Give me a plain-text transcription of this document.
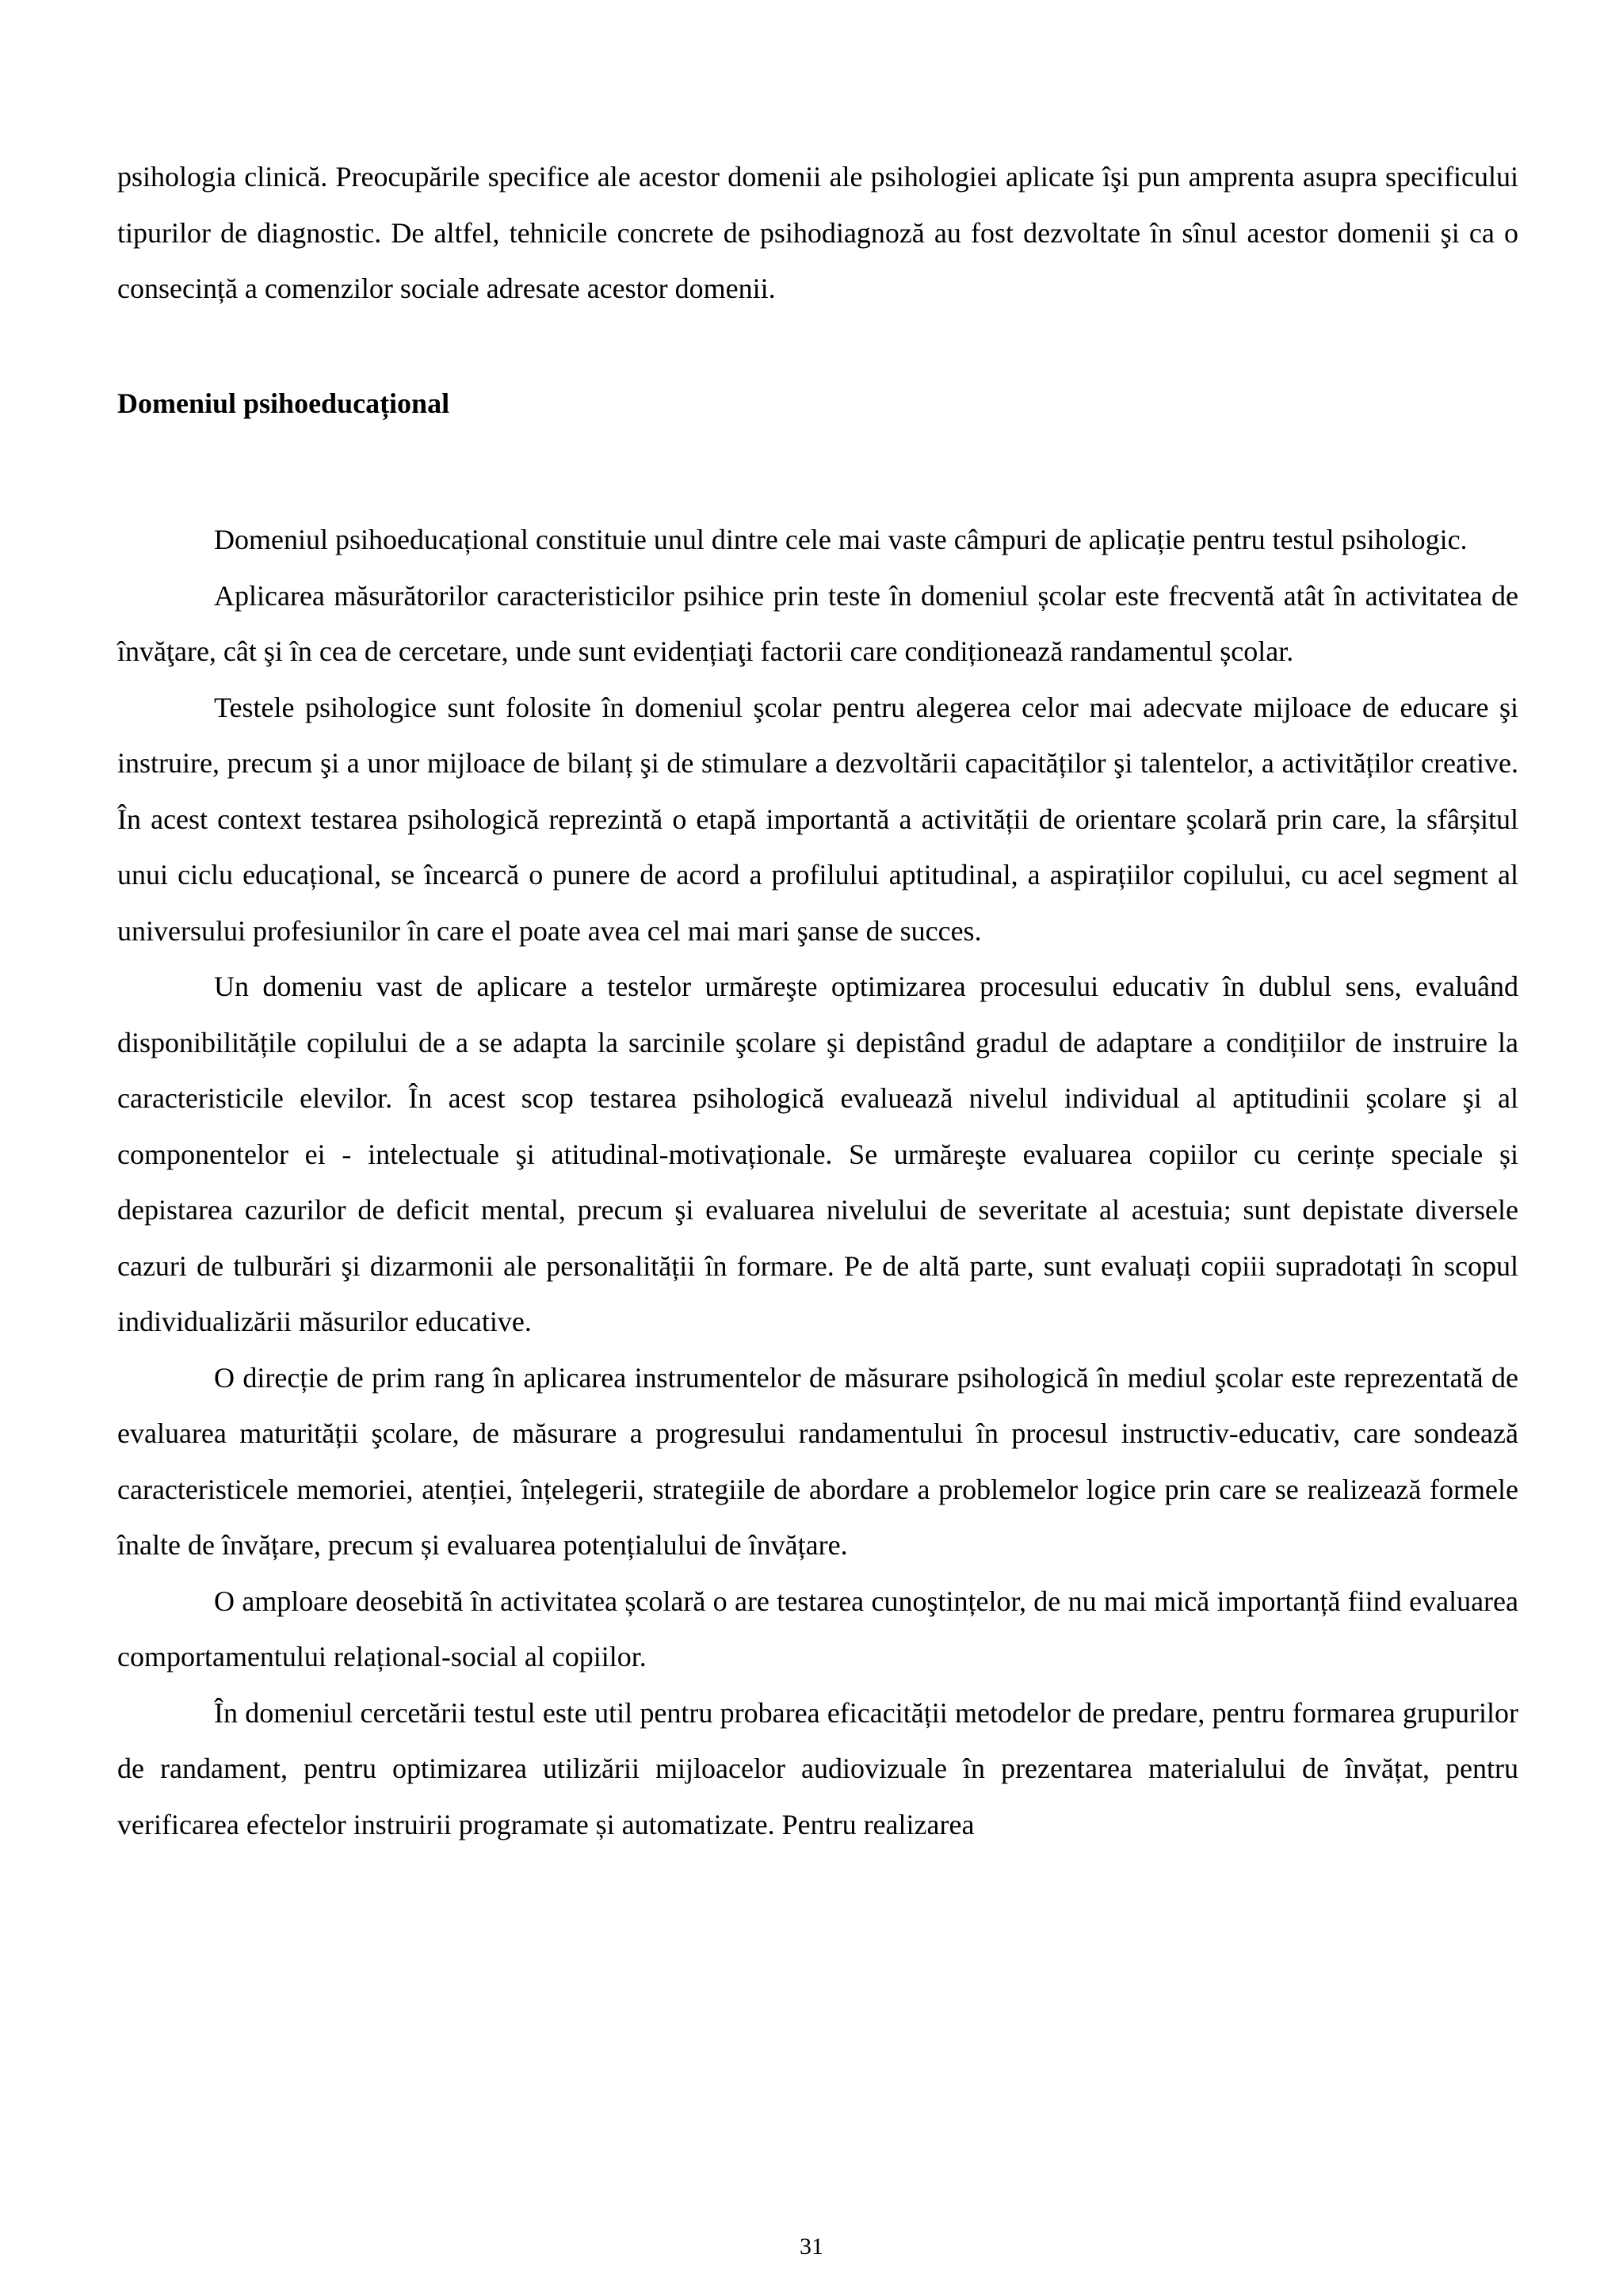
psihologia clinică. Preocupările specifice ale acestor domenii ale psihologiei aplicate îşi pun amprenta asupra specificului tipurilor de diagnostic. De altfel, tehnicile concrete de psihodiagnoză au fost dezvoltate în sînul acestor domenii şi ca o consecință a comenzilor sociale adresate acestor domenii.

Domeniul psihoeducațional

Domeniul psihoeducațional constituie unul dintre cele mai vaste câmpuri de aplicație pentru testul psihologic.

Aplicarea măsurătorilor caracteristicilor psihice prin teste în domeniul școlar este frecventă atât în activitatea de învăţare, cât şi în cea de cercetare, unde sunt evidențiaţi factorii care condiționează randamentul școlar.

Testele psihologice sunt folosite în domeniul şcolar pentru alegerea celor mai adecvate mijloace de educare şi instruire, precum şi a unor mijloace de bilanț şi de stimulare a dezvoltării capacităților şi talentelor, a activităților creative. În acest context testarea psihologică reprezintă o etapă importantă a activității de orientare şcolară prin care, la sfârșitul unui ciclu educațional, se încearcă o punere de acord a profilului aptitudinal, a aspirațiilor copilului, cu acel segment al universului profesiunilor în care el poate avea cel mai mari şanse de succes.

Un domeniu vast de aplicare a testelor urmăreşte optimizarea procesului educativ în dublul sens, evaluând disponibilitățile copilului de a se adapta la sarcinile şcolare şi depistând gradul de adaptare a condițiilor de instruire la caracteristicile elevilor. În acest scop testarea psihologică evaluează nivelul individual al aptitudinii şcolare şi al componentelor ei - intelectuale şi atitudinal-motivaționale. Se urmăreşte evaluarea copiilor cu cerințe speciale și depistarea cazurilor de deficit mental, precum şi evaluarea nivelului de severitate al acestuia; sunt depistate diversele cazuri de tulburări şi dizarmonii ale personalității în formare. Pe de altă parte, sunt evaluați copiii supradotați în scopul individualizării măsurilor educative.

O direcție de prim rang în aplicarea instrumentelor de măsurare psihologică în mediul şcolar este reprezentată de evaluarea maturității şcolare, de măsurare a progresului randamentului în procesul instructiv-educativ, care sondează caracteristicele memoriei, atenției, înțelegerii, strategiile de abordare a problemelor logice prin care se realizează formele înalte de învățare, precum și evaluarea potențialului de învățare.

O amploare deosebită în activitatea școlară o are testarea cunoştințelor, de nu mai mică importanță fiind evaluarea comportamentului relațional-social al copiilor.

În domeniul cercetării testul este util pentru probarea eficacității metodelor de predare, pentru formarea grupurilor de randament, pentru optimizarea utilizării mijloacelor audiovizuale în prezentarea materialului de învățat, pentru verificarea efectelor instruirii programate și automatizate. Pentru realizarea

31
